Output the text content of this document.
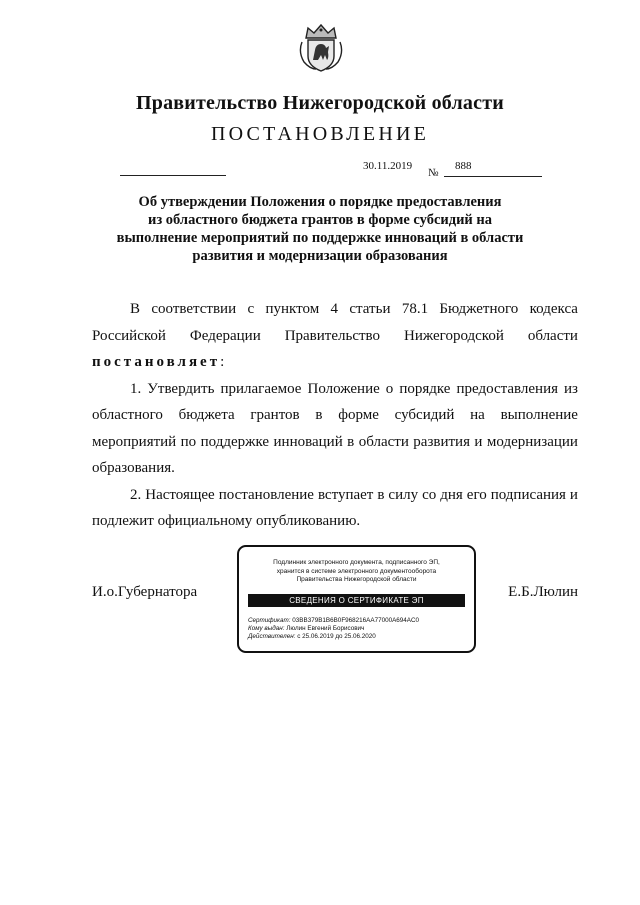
Правительство Нижегородской области
ПОСТАНОВЛЕНИЕ
30.11.2019
№
888
Об утверждении Положения о порядке предоставления
из областного бюджета грантов в форме субсидий на
выполнение мероприятий по поддержке инноваций в области
развития и модернизации образования
В соответствии с пунктом 4 статьи 78.1 Бюджетного кодекса
Российской Федерации Правительство Нижегородской области
постановляет :
1. Утвердить прилагаемое Положение о порядке предоставления из
областного бюджета грантов в форме субсидий на выполнение
мероприятий по поддержке инноваций в области развития и модернизации
образования.
2. Настоящее постановление вступает в силу со дня его подписания и
подлежит официальному опубликованию.
И.о.Губернатора	Е.Б.Люлин
Подлинник электронного документа, подписанного ЭП,
хранится в системе электронного документооборота
Правительства Нижегородской области
СВЕДЕНИЯ О СЕРТИФИКАТЕ ЭП
Сертификат: 03BB379B1B6B0F968216AA77000A694AC0
Кому выдан: Люлин Евгений Борисович
Действителен: с 25.06.2019 до 25.06.2020
